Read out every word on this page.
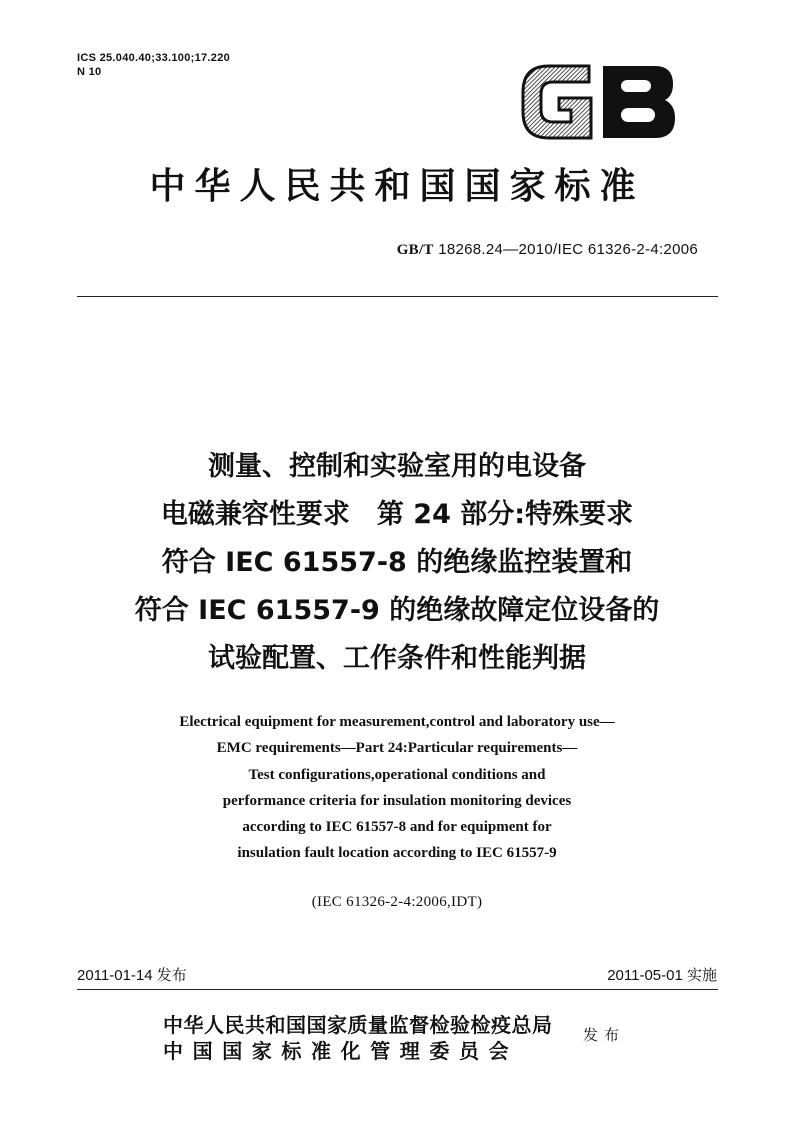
ICS 25.040.40;33.100;17.220
N 10
中华人民共和国国家标准
GB/T 18268.24—2010/IEC 61326-2-4:2006
测量、控制和实验室用的电设备
电磁兼容性要求　第 24 部分:特殊要求
符合 IEC 61557-8 的绝缘监控装置和
符合 IEC 61557-9 的绝缘故障定位设备的
试验配置、工作条件和性能判据
Electrical equipment for measurement,control and laboratory use—
EMC requirements—Part 24:Particular requirements—
Test configurations,operational conditions and
performance criteria for insulation monitoring devices
according to IEC 61557-8 and for equipment for
insulation fault location according to IEC 61557-9
(IEC 61326-2-4:2006,IDT)
2011-01-14 发布	2011-05-01 实施
中华人民共和国国家质量监督检验检疫总局
中国国家标准化管理委员会
发布
